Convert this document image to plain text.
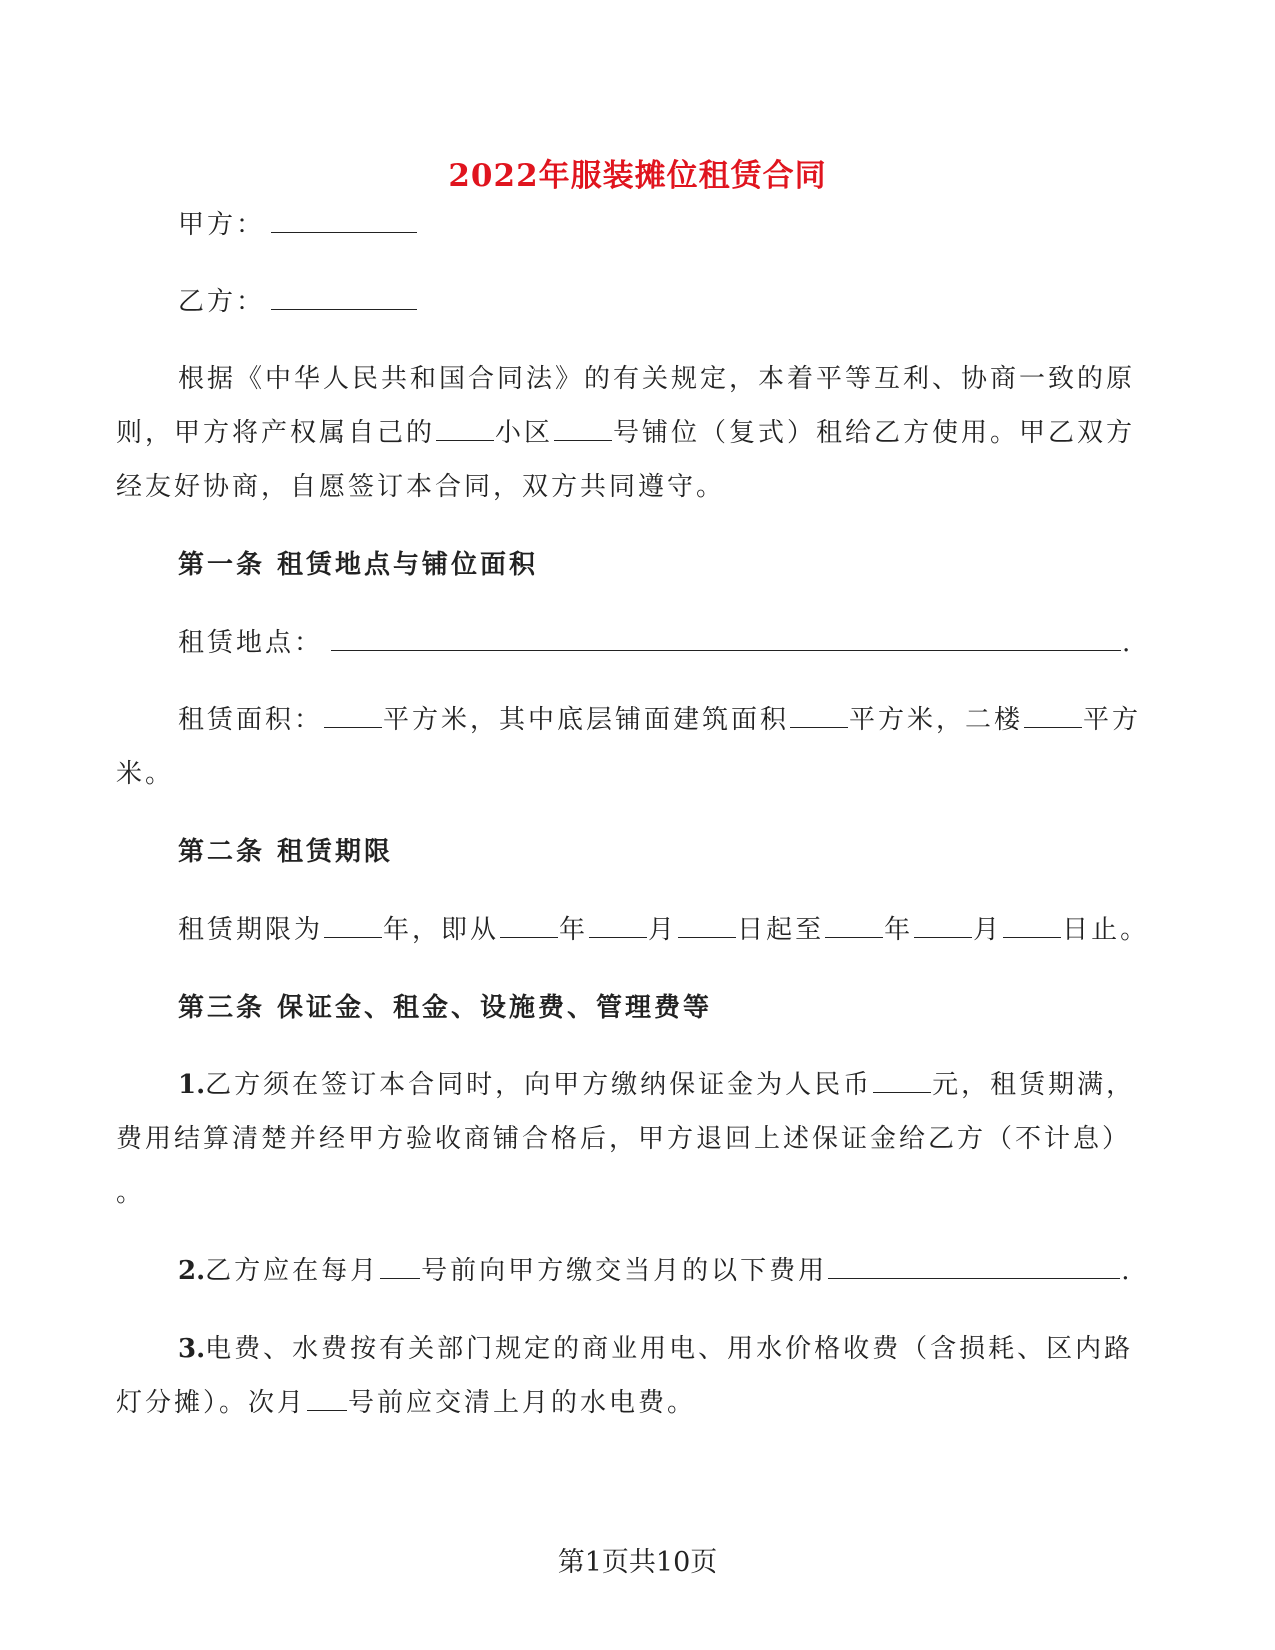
2022年服装摊位租赁合同

甲方：

乙方：

根据《中华人民共和国合同法》的有关规定，本着平等互利、协商一致的原

则，甲方将产权属自己的 小区 号铺位（复式）租给乙方使用。甲乙双方

经友好协商，自愿签订本合同，双方共同遵守。

第一条 租赁地点与铺位面积

租赁地点：	.

租赁面积： 平方米，其中底层铺面建筑面积 平方米，二楼 平方

米。

第二条 租赁期限

租赁期限为 年，即从 年 月 日起至 年 月 日止。

第三条 保证金、租金、设施费、管理费等

1.乙方须在签订本合同时，向甲方缴纳保证金为人民币 元，租赁期满，

费用结算清楚并经甲方验收商铺合格后，甲方退回上述保证金给乙方（不计息）

。

2.乙方应在每月 号前向甲方缴交当月的以下费用	.

3.电费、水费按有关部门规定的商业用电、用水价格收费（含损耗、区内路

灯分摊）。次月 号前应交清上月的水电费。

第1页共10页
